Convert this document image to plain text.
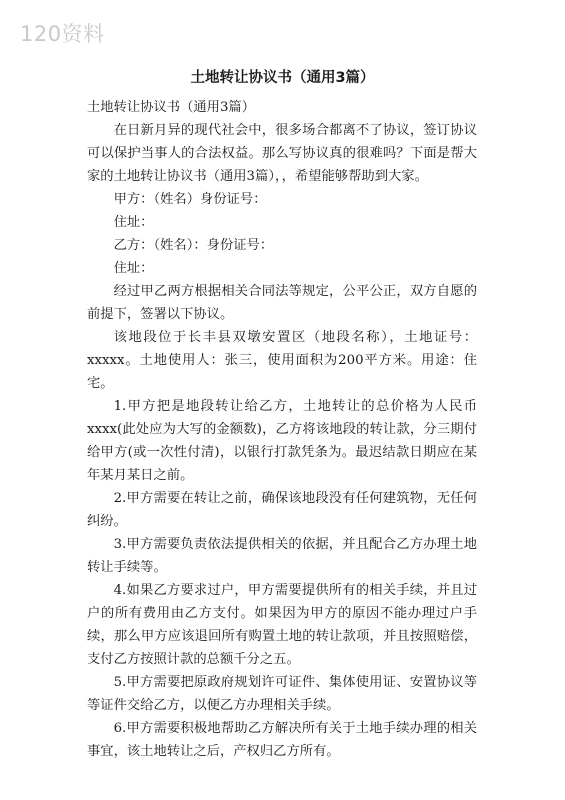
120资料
土地转让协议书（通用3篇）

土地转让协议书（通用3篇）

在日新月异的现代社会中，很多场合都离不了协议，签订协议可以保护当事人的合法权益。那么写协议真的很难吗？下面是帮大家的土地转让协议书（通用3篇），，希望能够帮助到大家。

甲方：（姓名）身份证号：

住址：

乙方：（姓名）：身份证号：

住址：

经过甲乙两方根据相关合同法等规定，公平公正，双方自愿的前提下，签署以下协议。

该地段位于长丰县双墩安置区（地段名称），土地证号：xxxxx。土地使用人：张三，使用面积为200平方米。用途：住宅。

1.甲方把是地段转让给乙方，土地转让的总价格为人民币xxxx(此处应为大写的金额数)，乙方将该地段的转让款，分三期付给甲方(或一次性付清)，以银行打款凭条为。最迟结款日期应在某年某月某日之前。

2.甲方需要在转让之前，确保该地段没有任何建筑物，无任何纠纷。

3.甲方需要负责依法提供相关的依据，并且配合乙方办理土地转让手续等。

4.如果乙方要求过户，甲方需要提供所有的相关手续，并且过户的所有费用由乙方支付。如果因为甲方的原因不能办理过户手续，那么甲方应该退回所有购置土地的转让款项，并且按照赔偿，支付乙方按照计款的总额千分之五。

5.甲方需要把原政府规划许可证件、集体使用证、安置协议等等证件交给乙方，以便乙方办理相关手续。

6.甲方需要积极地帮助乙方解决所有关于土地手续办理的相关事宜，该土地转让之后，产权归乙方所有。
